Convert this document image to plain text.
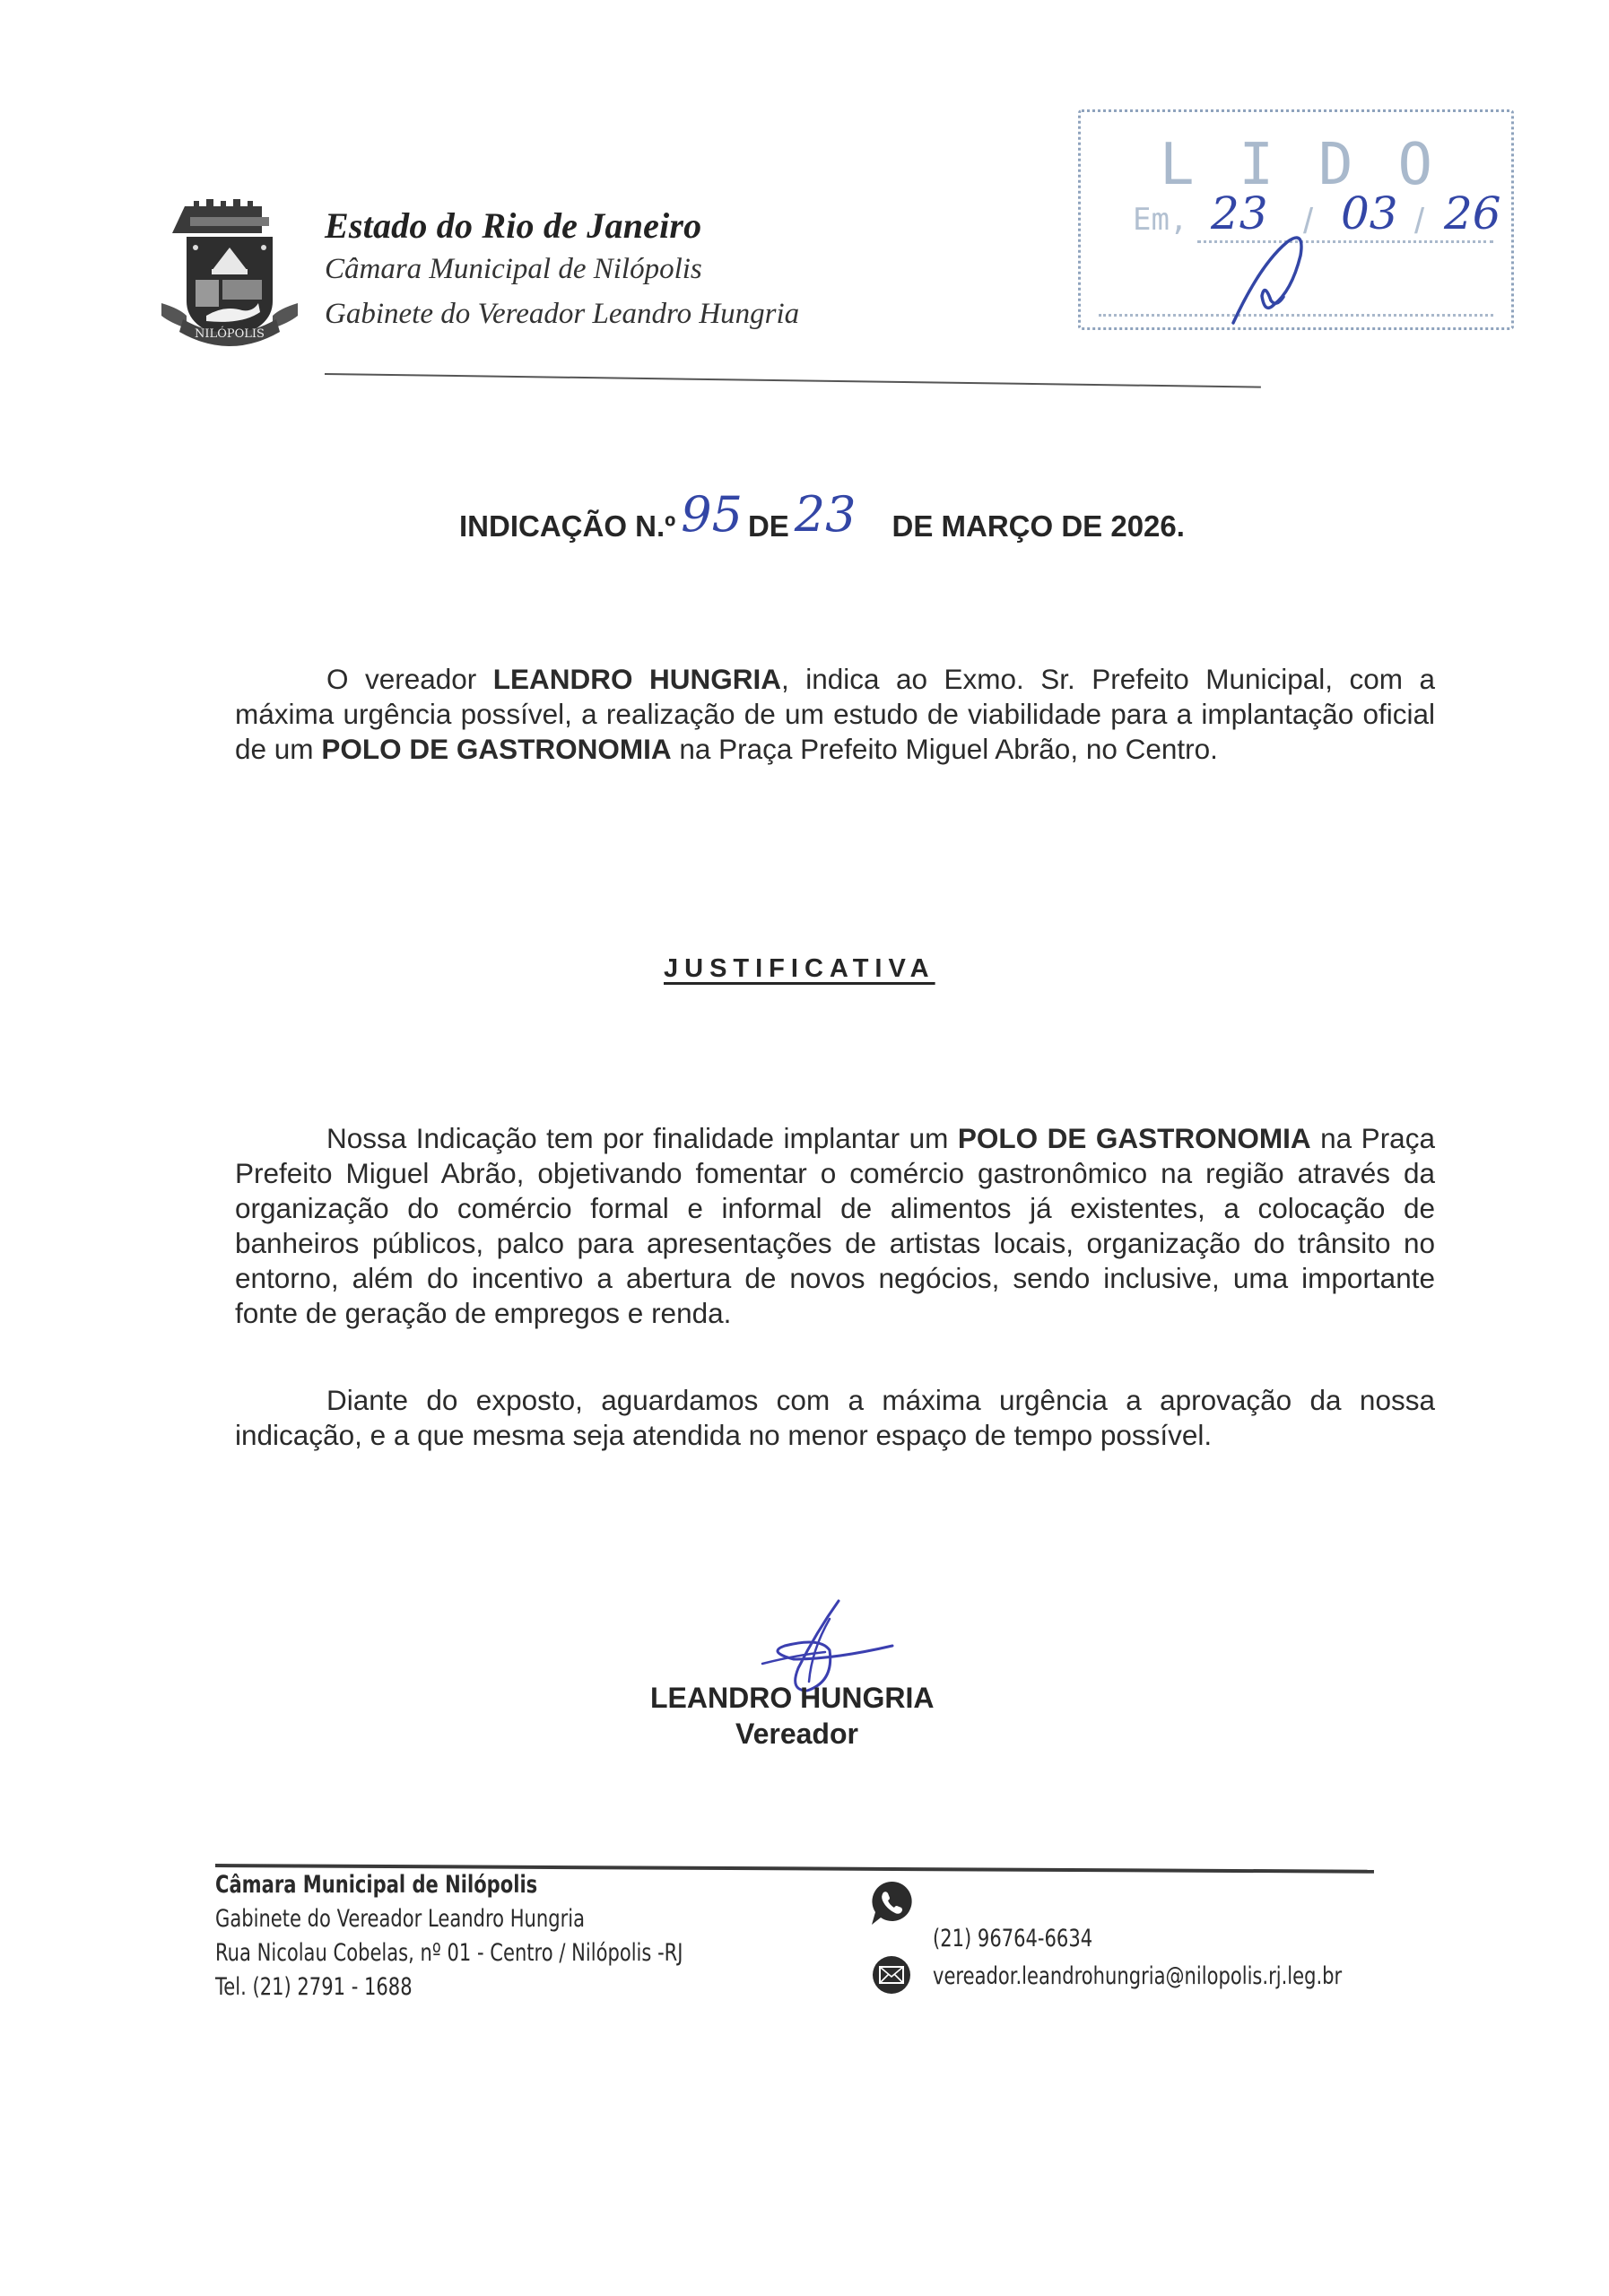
NILÓPOLIS
Estado do Rio de Janeiro
Câmara Municipal de Nilópolis
Gabinete do Vereador Leandro Hungria
LIDO
Em, 23 / 03 / 26
INDICAÇÃO N.º 95 DE 23 DE MARÇO DE 2026.
O vereador LEANDRO HUNGRIA, indica ao Exmo. Sr. Prefeito Municipal, com a máxima urgência possível, a realização de um estudo de viabilidade para a implantação oficial de um POLO DE GASTRONOMIA na Praça Prefeito Miguel Abrão, no Centro.
JUSTIFICATIVA
Nossa Indicação tem por finalidade implantar um POLO DE GASTRONOMIA na Praça Prefeito Miguel Abrão, objetivando fomentar o comércio gastronômico na região através da organização do comércio formal e informal de alimentos já existentes, a colocação de banheiros públicos, palco para apresentações de artistas locais, organização do trânsito no entorno, além do incentivo a abertura de novos negócios, sendo inclusive, uma importante fonte de geração de empregos e renda.
Diante do exposto, aguardamos com a máxima urgência a aprovação da nossa indicação, e a que mesma seja atendida no menor espaço de tempo possível.
LEANDRO HUNGRIA
Vereador
Câmara Municipal de Nilópolis
Gabinete do Vereador Leandro Hungria
Rua Nicolau Cobelas, nº 01 - Centro / Nilópolis -RJ
Tel. (21) 2791 - 1688
(21) 96764-6634
vereador.leandrohungria@nilopolis.rj.leg.br
